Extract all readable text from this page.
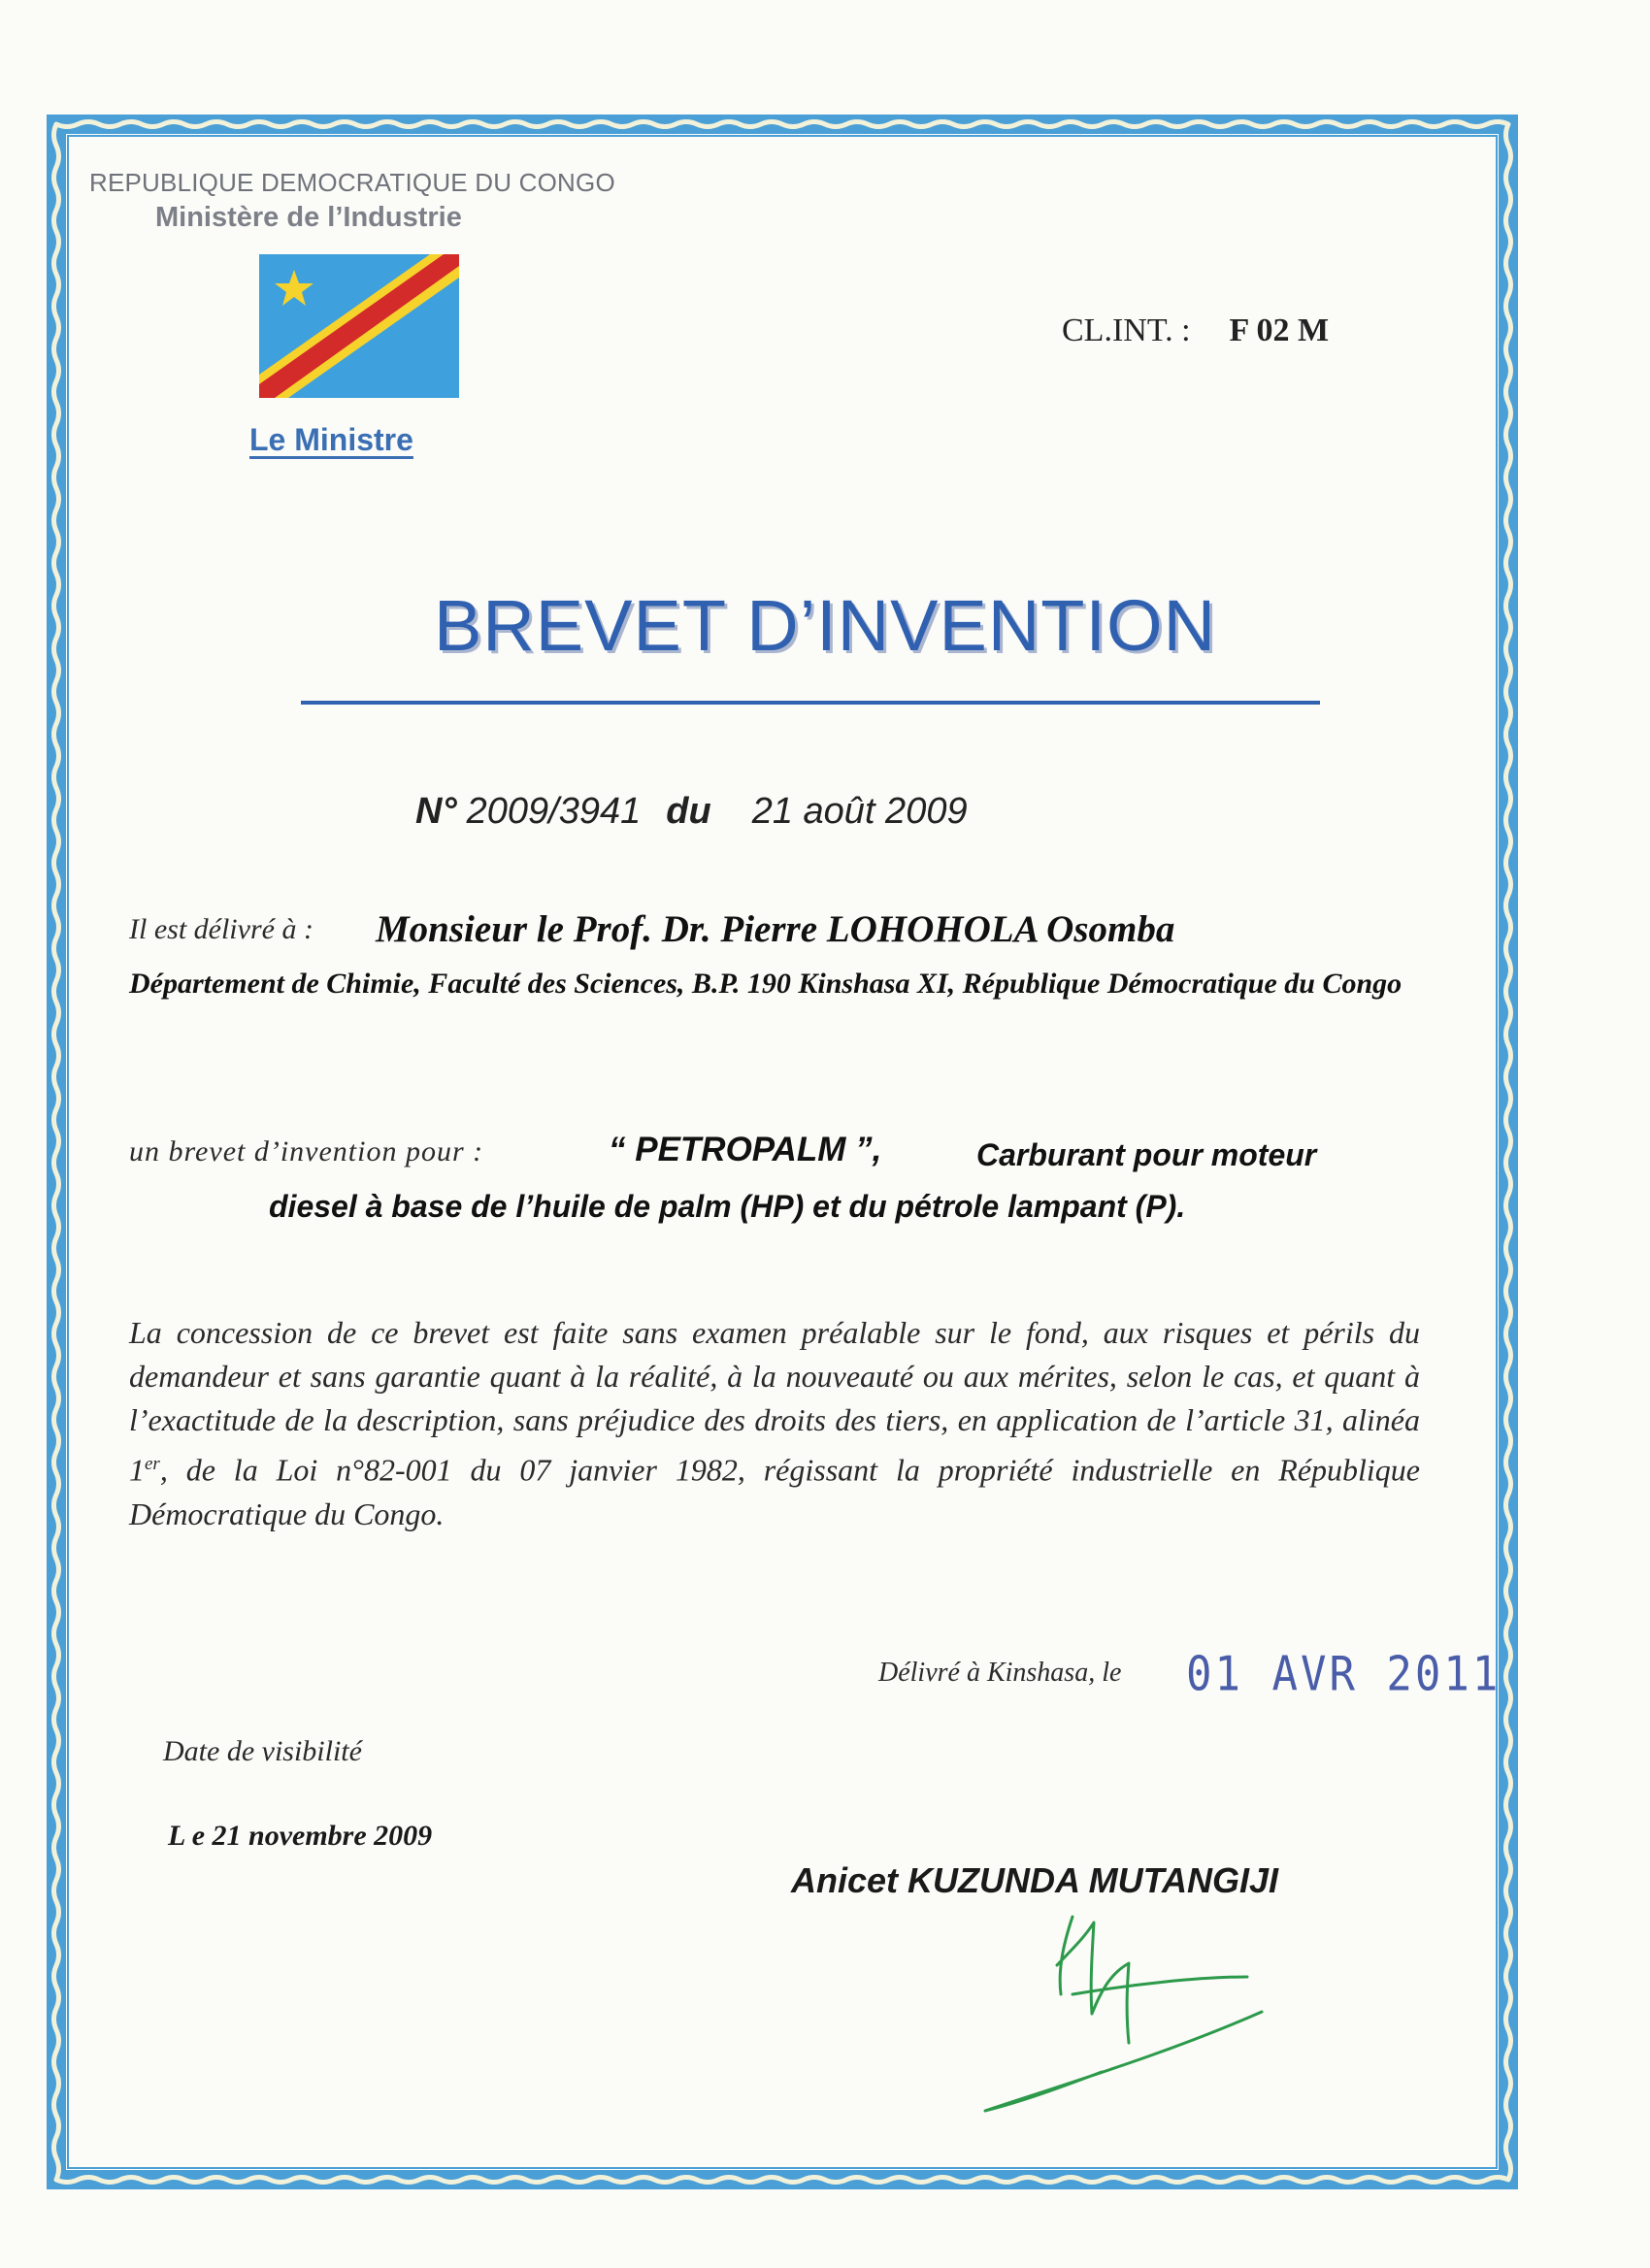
REPUBLIQUE DEMOCRATIQUE DU CONGO
Ministère de l’Industrie
Le Ministre
CL.INT. : F 02 M
BREVET D’INVENTION
N° 2009/3941 du 21 août 2009
Il est délivré à : Monsieur le Prof. Dr. Pierre LOHOHOLA Osomba
Département de Chimie, Faculté des Sciences, B.P. 190 Kinshasa XI, République Démocratique du Congo
un brevet d’invention pour :	“ PETROPALM ”,	Carburant pour moteur
diesel à base de l’huile de palm (HP) et du pétrole lampant (P).

La concession de ce brevet est faite sans examen préalable sur le fond, aux risques et périls du demandeur et sans garantie quant à la réalité, à la nouveauté ou aux mérites, selon le cas, et quant à l’exactitude de la description, sans préjudice des droits des tiers, en application de l’article 31, alinéa 1er, de la Loi n°82-001 du 07 janvier 1982, régissant la propriété industrielle en République Démocratique du Congo.

Délivré à Kinshasa, le 01 AVR 2011
Date de visibilité
L e 21 novembre 2009
Anicet KUZUNDA MUTANGIJI
